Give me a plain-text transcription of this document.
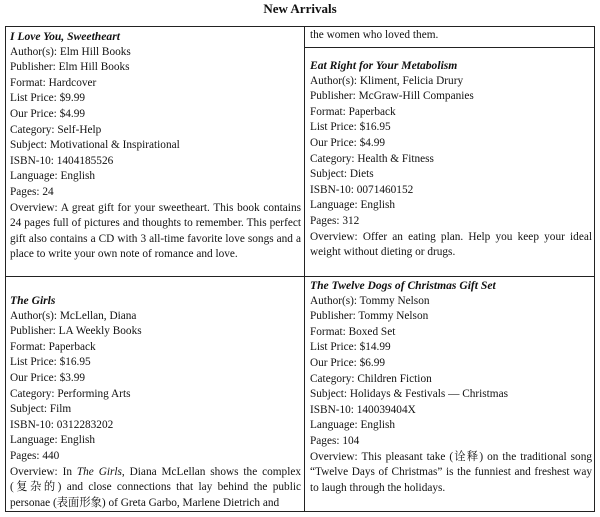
New Arrivals
I Love You, Sweetheart
Author(s): Elm Hill Books
Publisher: Elm Hill Books
Format: Hardcover
List Price: $9.99
Our Price: $4.99
Category: Self-Help
Subject: Motivational & Inspirational
ISBN-10: 1404185526
Language: English
Pages: 24
Overview: A great gift for your sweetheart. This book contains 24 pages full of pictures and thoughts to remember. This perfect gift also contains a CD with 3 all-time favorite love songs and a place to write your own note of romance and love.
The Girls
Author(s): McLellan, Diana
Publisher: LA Weekly Books
Format: Paperback
List Price: $16.95
Our Price: $3.99
Category: Performing Arts
Subject: Film
ISBN-10: 0312283202
Language: English
Pages: 440
Overview: In The Girls, Diana McLellan shows the complex (复杂的) and close connections that lay behind the public personae (表面形象) of Greta Garbo, Marlene Dietrich and
the women who loved them.
Eat Right for Your Metabolism
Author(s): Kliment, Felicia Drury
Publisher: McGraw-Hill Companies
Format: Paperback
List Price: $16.95
Our Price: $4.99
Category: Health & Fitness
Subject: Diets
ISBN-10: 0071460152
Language: English
Pages: 312
Overview: Offer an eating plan. Help you keep your ideal weight without dieting or drugs.
The Twelve Dogs of Christmas Gift Set
Author(s): Tommy Nelson
Publisher: Tommy Nelson
Format: Boxed Set
List Price: $14.99
Our Price: $6.99
Category: Children Fiction
Subject: Holidays & Festivals — Christmas
ISBN-10: 140039404X
Language: English
Pages: 104
Overview: This pleasant take (诠释) on the traditional song “Twelve Days of Christmas” is the funniest and freshest way to laugh through the holidays.
